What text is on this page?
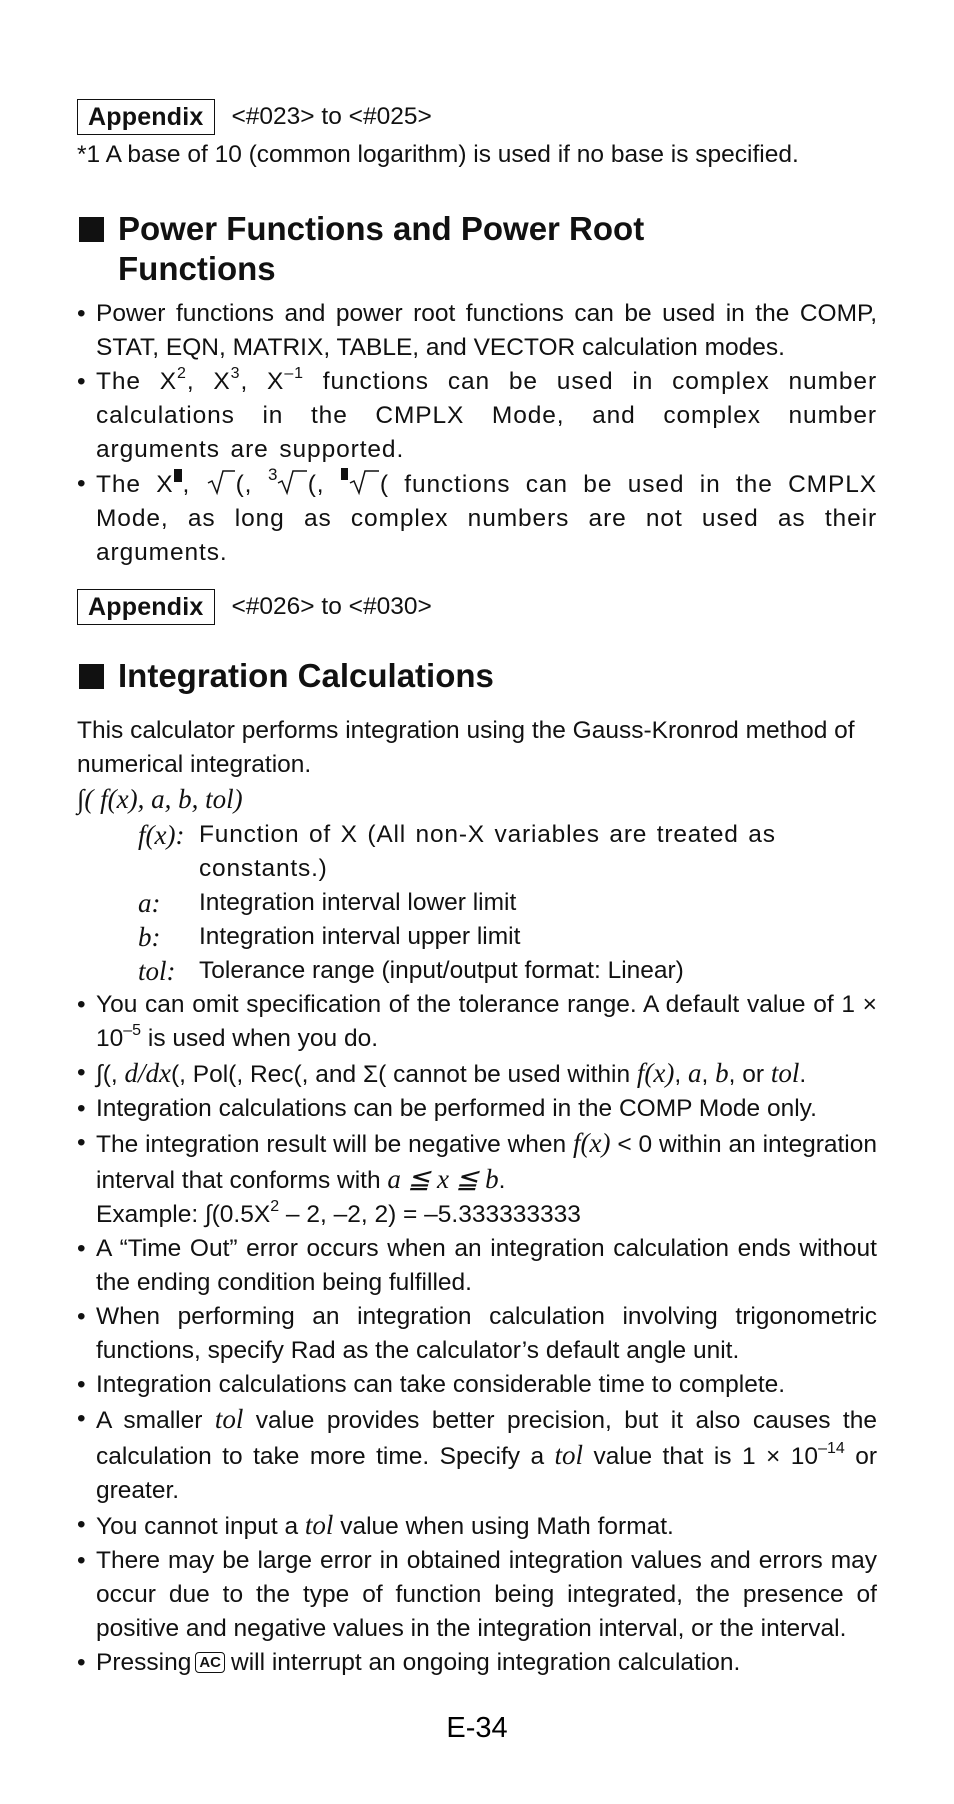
Appendix	<#023> to <#025>
*1 A base of 10 (common logarithm) is used if no base is specified.
Power Functions and Power Root
Functions
• Power functions and power root functions can be used in the COMP, STAT, EQN, MATRIX, TABLE, and VECTOR calculation modes.
• The $X^2$, $X^3$, $X^{-1}$ functions can be used in complex number calculations in the CMPLX Mode, and complex number arguments are supported.
• The X , (, 3 (, ( functions can be used in the CMPLX Mode, as long as complex numbers are not used as their arguments.
Appendix	<#026> to <#030>
Integration Calculations
This calculator performs integration using the Gauss-Kronrod method of numerical integration.
∫( f(x), a, b, tol)
f(x): Function of X (All non-X variables are treated as constants.)
a:	Integration interval lower limit
b:	Integration interval upper limit
tol: Tolerance range (input/output format: Linear)
• You can omit specification of the tolerance range. A default value of $1 \times 10^{-5}$ is used when you do.
• ∫(, d/dx(, Pol(, Rec(, and Σ( cannot be used within f(x), a, b, or tol.
• Integration calculations can be performed in the COMP Mode only.
• The integration result will be negative when f(x) < 0 within an integration interval that conforms with a ≦ x ≦ b.
Example: $\int(0.5X^2 - 2$, –2, 2) = –5.333333333
• A “Time Out” error occurs when an integration calculation ends without the ending condition being fulfilled.
• When performing an integration calculation involving trigonometric functions, specify Rad as the calculator’s default angle unit.
• Integration calculations can take considerable time to complete.
• A smaller tol value provides better precision, but it also causes the calculation to take more time. Specify a tol value that is $1 \times 10^{-14}$ or greater.
• You cannot input a tol value when using Math format.
• There may be large error in obtained integration values and errors may occur due to the type of function being integrated, the presence of positive and negative values in the integration interval, or the interval.
• Pressing AC will interrupt an ongoing integration calculation.
E-34
